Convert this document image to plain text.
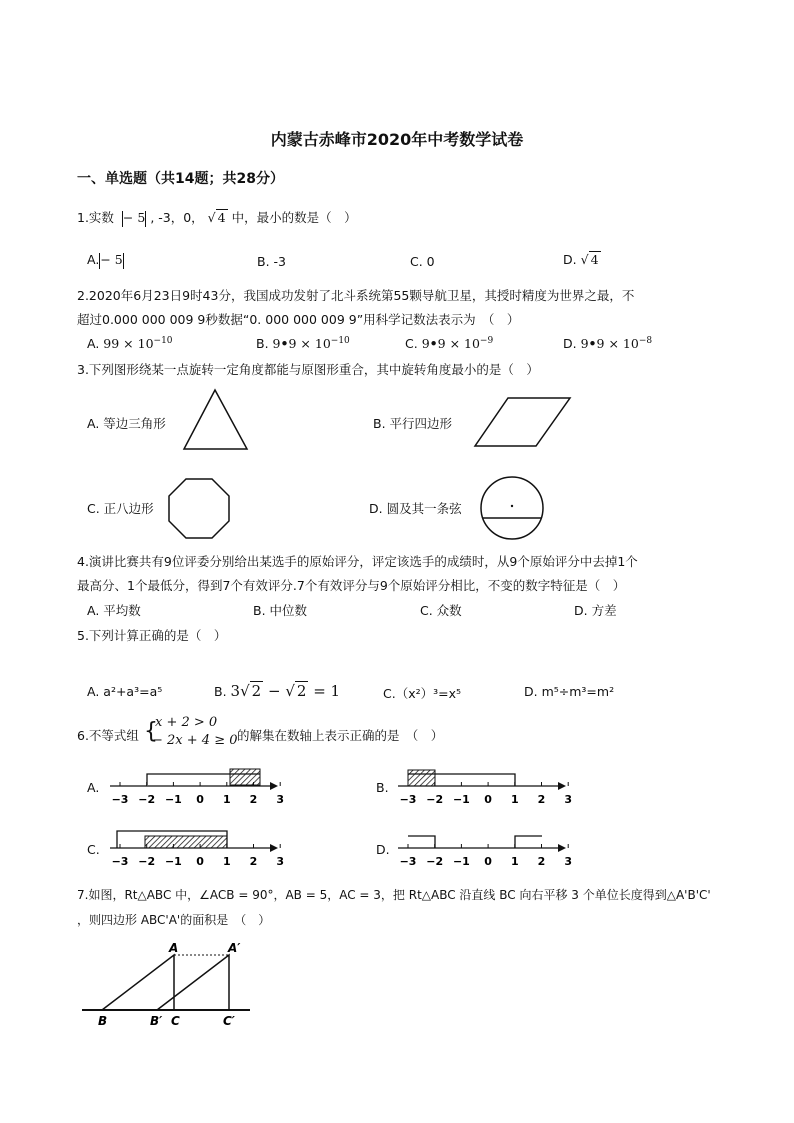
内蒙古赤峰市2020年中考数学试卷
一、单选题（共14题；共28分）
1.实数 − 5 , -3，0， √ 4 中，最小的数是（　）
A.− 5	B. -3	C. 0	D. √ 4
2.2020年6月23日9时43分，我国成功发射了北斗系统第55颗导航卫星，其授时精度为世界之最，不
超过0.000 000 009 9秒数据“0. 000 000 009 9”用科学记数法表示为　（　）
A. $99 \times 10^{-10}$	B. 9•9 × $10^{-10}$	C. 9•9 × $10^{-9}$	D. 9•9 × $10^{-8}$
3.下列图形绕某一点旋转一定角度都能与原图形重合，其中旋转角度最小的是（　）
A. 等边三角形	B. 平行四边形
C. 正八边形	D. 圆及其一条弦
4.演讲比赛共有9位评委分别给出某选手的原始评分，评定该选手的成绩时，从9个原始评分中去掉1个
最高分、1个最低分，得到7个有效评分.7个有效评分与9个原始评分相比，不变的数字特征是（　）
A. 平均数	B. 中位数	C. 众数	D. 方差
5.下列计算正确的是（　）
A. a²+a³=a⁵	B. 3√ 2 − √ 2 = 1	C.（x²）³=x⁵	D. m⁵÷m³=m²
6.不等式组 {
x + 2 > 0
− 2x + 4 ≥ 0 的解集在数轴上表示正确的是　（　）
A.	B.
C.	D.
−3 −2 −1 0 1 2 3	−3 −2 −1 0 1 2 3
−3 −2 −1 0 1 2 3	−3 −2 −1 0 1 2 3
7.如图，Rt△ABC 中，∠ACB = 90°，AB = 5，AC = 3，把 Rt△ABC 沿直线 BC 向右平移 3 个单位长度得到△A'B'C'
，则四边形 ABC'A'的面积是　（　）
A	A′
B	B′ C	C′
